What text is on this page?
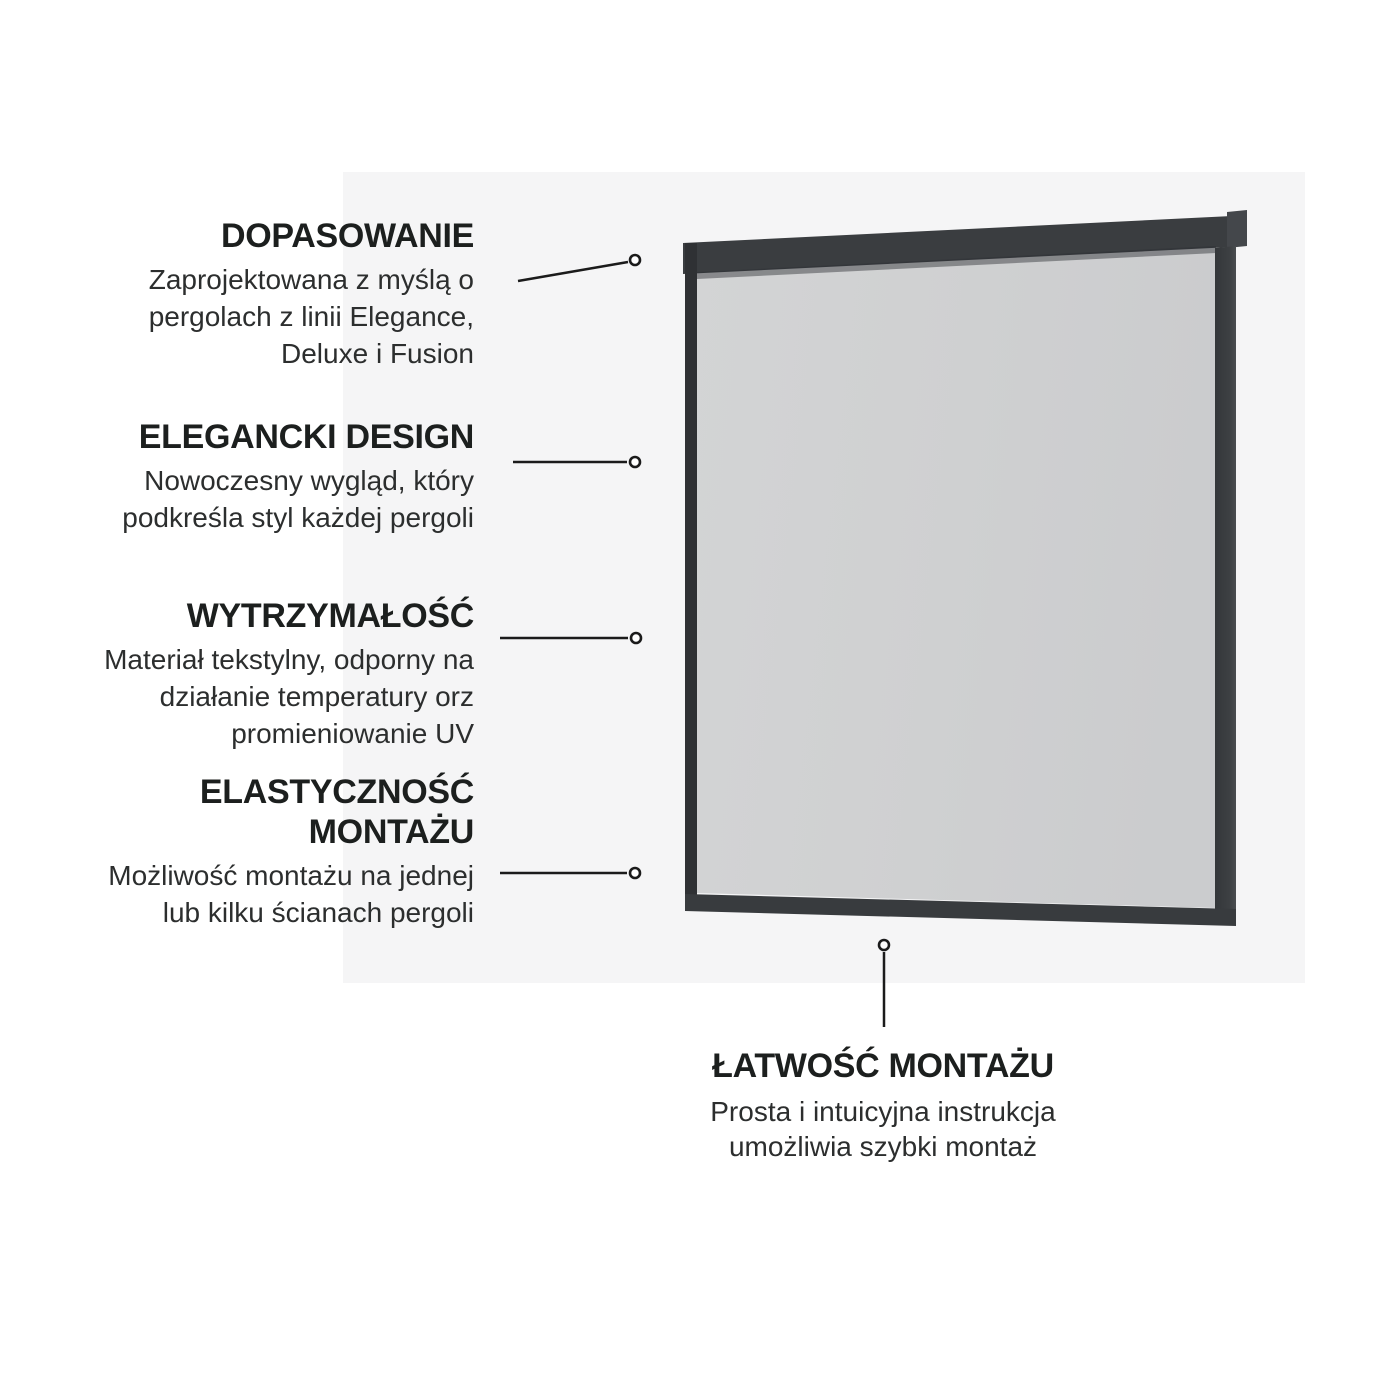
DOPASOWANIE

Zaprojektowana z myślą o

pergolach z linii Elegance,

Deluxe i Fusion

ELEGANCKI DESIGN

Nowoczesny wygląd, który

podkreśla styl każdej pergoli

WYTRZYMAŁOŚĆ

Materiał tekstylny, odporny na

działanie temperatury orz

promieniowanie UV

ELASTYCZNOŚĆ MONTAŻU

Możliwość montażu na jednej

lub kilku ścianach pergoli

ŁATWOŚĆ MONTAŻU

Prosta i intuicyjna instrukcja

umożliwia szybki montaż
